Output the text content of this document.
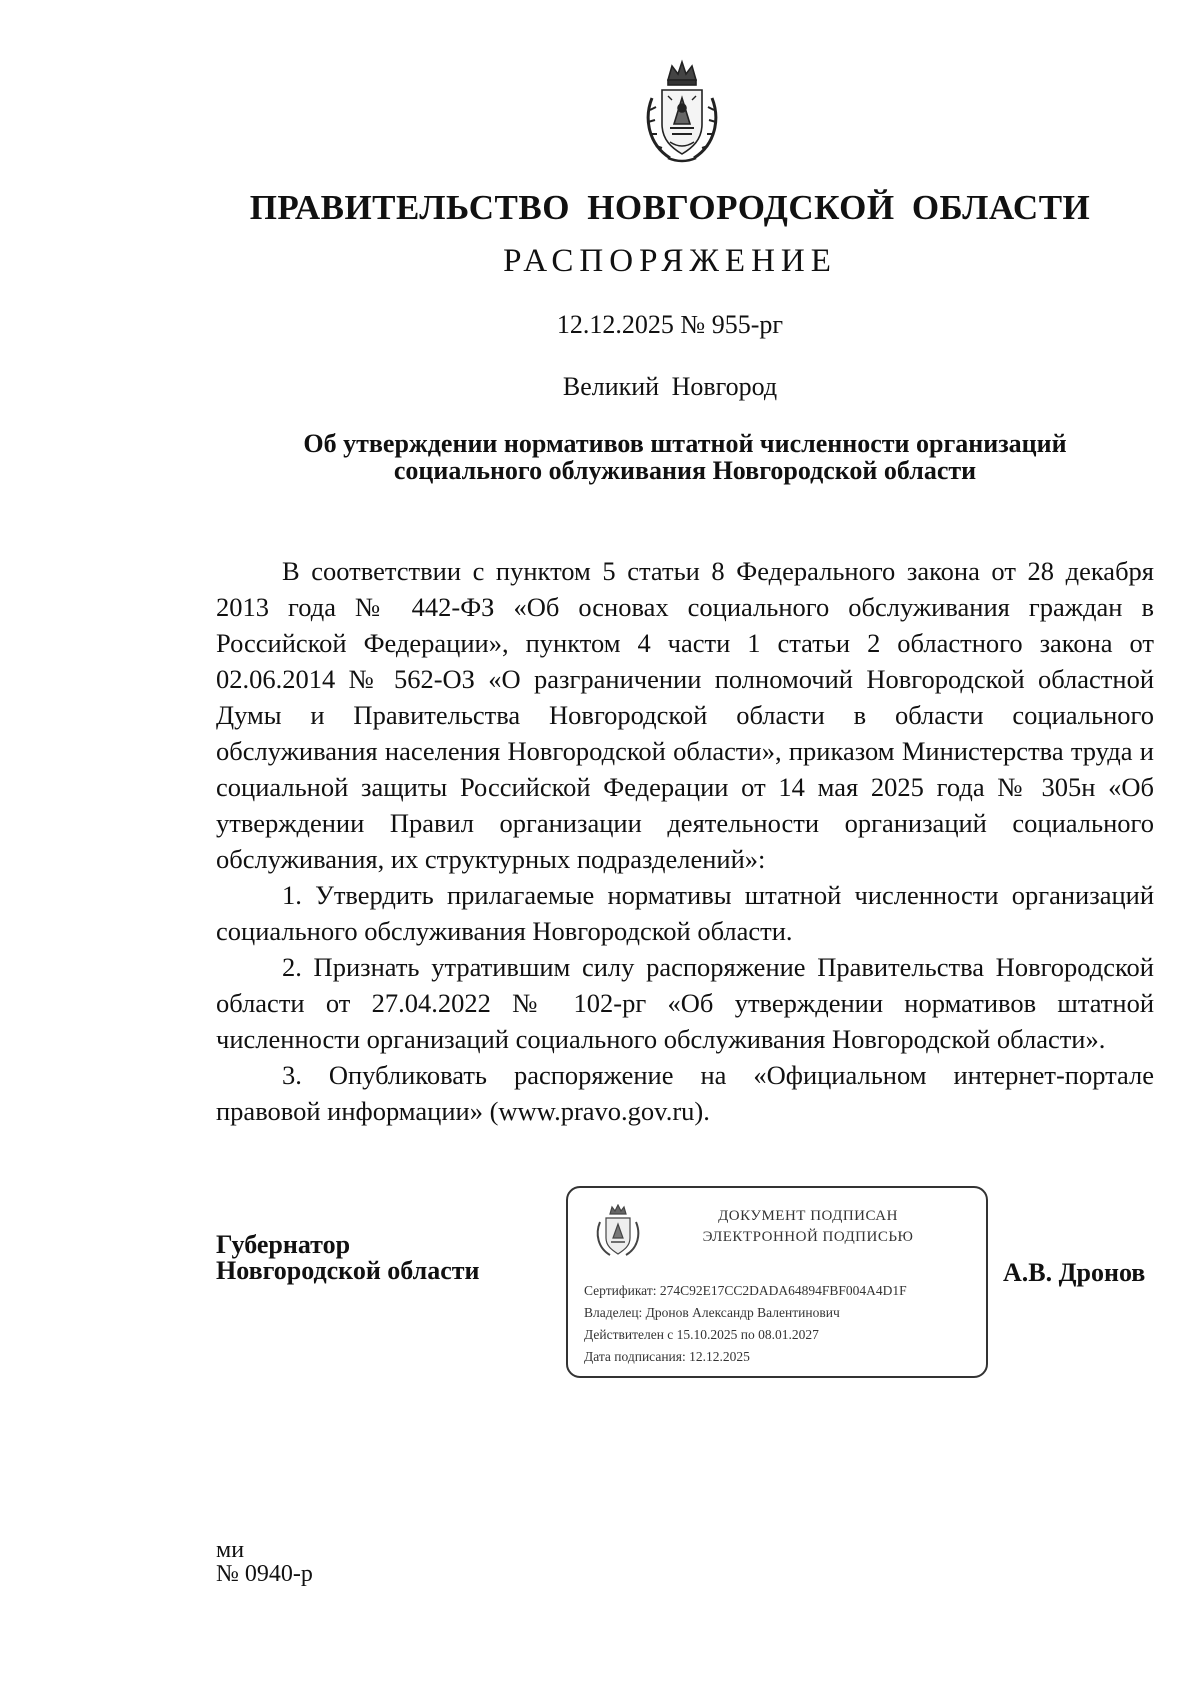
ПРАВИТЕЛЬСТВО НОВГОРОДСКОЙ ОБЛАСТИ
РАСПОРЯЖЕНИЕ
12.12.2025 № 955-рг
Великий Новгород
Об утверждении нормативов штатной численности организаций
социального облуживания Новгородской области

В соответствии с пунктом 5 статьи 8 Федерального закона от 28 декабря 2013 года № 442-ФЗ «Об основах социального обслуживания граждан в Российской Федерации», пунктом 4 части 1 статьи 2 областного закона от 02.06.2014 № 562-ОЗ «О разграничении полномочий Новгородской областной Думы и Правительства Новгородской области в области социального обслуживания населения Новгородской области», приказом Министерства труда и социальной защиты Российской Федерации от 14 мая 2025 года № 305н «Об утверждении Правил организации деятельности организаций социального обслуживания, их структурных подразделений»:

1. Утвердить прилагаемые нормативы штатной численности организаций социального обслуживания Новгородской области.

2. Признать утратившим силу распоряжение Правительства Новгородской области от 27.04.2022 № 102-рг «Об утверждении нормативов штатной численности организаций социального обслуживания Новгородской области».

3. Опубликовать распоряжение на «Официальном интернет-портале правовой информации» (www.pravo.gov.ru).

Губернатор
Новгородской области
ДОКУМЕНТ ПОДПИСАН
ЭЛЕКТРОННОЙ ПОДПИСЬЮ
Сертификат: 274C92E17CC2DADA64894FBF004A4D1F
Владелец: Дронов Александр Валентинович
Действителен с 15.10.2025 по 08.01.2027
Дата подписания: 12.12.2025
А.В. Дронов
ми
№ 0940-р
